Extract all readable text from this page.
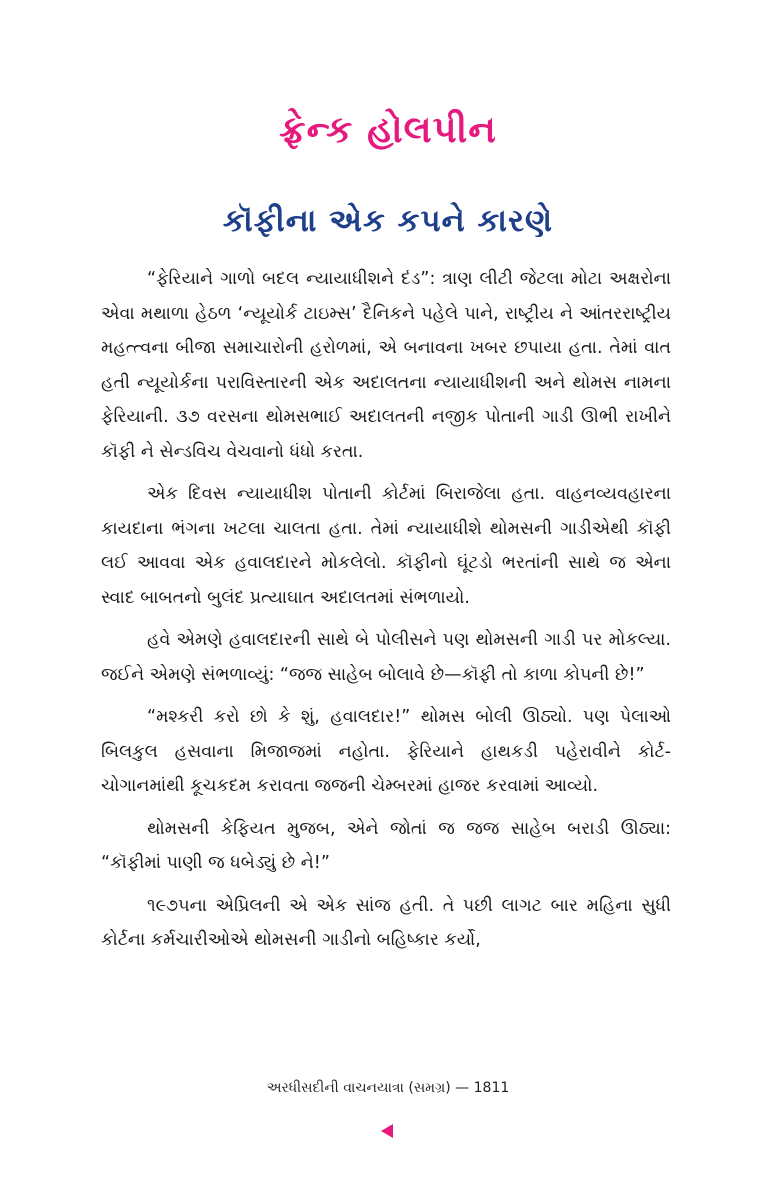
ફ્રેન્ક હોલપીન
કૉફીના એક કપને કારણે

“ફેરિયાને ગાળો બદલ ન્યાયાધીશને દંડ”: ત્રાણ લીટી જેટલા મોટા અક્ષરોના એવા મથાળા હેઠળ ‘ન્યૂયોર્ક ટાઇમ્સ’ દૈનિકને પહેલે પાને, રાષ્ટ્રીય ને આંતરરાષ્ટ્રીય મહત્ત્વના બીજા સમાચારોની હરોળમાં, એ બનાવના ખબર છપાયા હતા. તેમાં વાત હતી ન્યૂયોર્કના પરાવિસ્તારની એક અદાલતના ન્યાયાધીશની અને થોમસ નામના ફેરિયાની. ૩૭ વરસના થોમસભાઈ અદાલતની નજીક પોતાની ગાડી ઊભી રાખીને કૉફી ને સેન્ડવિચ વેચવાનો ધંધો કરતા.

એક દિવસ ન્યાયાધીશ પોતાની કોર્ટમાં બિરાજેલા હતા. વાહનવ્યવહારના કાયદાના ભંગના ખટલા ચાલતા હતા. તેમાં ન્યાયાધીશે થોમસની ગાડીએથી કૉફી લઈ આવવા એક હવાલદારને મોકલેલો. કૉફીનો ઘૂંટડો ભરતાંની સાથે જ એના સ્વાદ બાબતનો બુલંદ પ્રત્યાઘાત અદાલતમાં સંભળાયો.

હવે એમણે હવાલદારની સાથે બે પોલીસને પણ થોમસની ગાડી પર મોકલ્યા. જઈને એમણે સંભળાવ્યું: “જજ સાહેબ બોલાવે છે—કૉફી તો કાળા કોપની છે!”

“મશ્કરી કરો છો કે શું, હવાલદાર!” થોમસ બોલી ઊઠ્યો. પણ પેલાઓ બિલકુલ હસવાના મિજાજમાં નહોતા. ફેરિયાને હાથકડી પહેરાવીને કોર્ટ-ચોગાનમાંથી કૂચકદમ કરાવતા જજની ચેમ્બરમાં હાજર કરવામાં આવ્યો.

થોમસની કેફિયત મુજબ, એને જોતાં જ જજ સાહેબ બરાડી ઊઠ્યા: “કૉફીમાં પાણી જ ધબેડ્યું છે ને!”

૧૯૭૫ના એપ્રિલની એ એક સાંજ હતી. તે પછી લાગટ બાર મહિના સુધી કોર્ટના કર્મચારીઓએ થોમસની ગાડીનો બહિષ્કાર કર્યો,

અરધીસદીની વાચનયાત્રા (સમગ્ર) — 1811
